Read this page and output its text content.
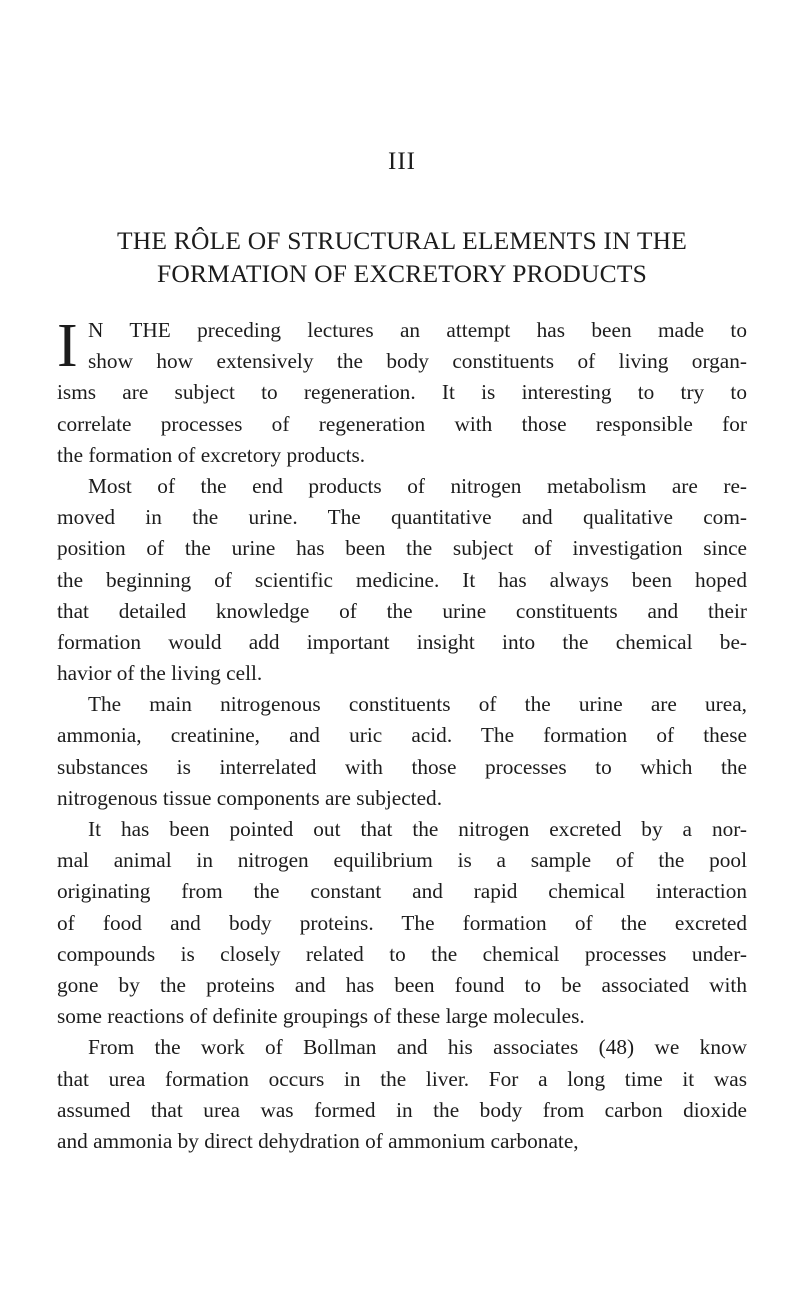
III
THE RÔLE OF STRUCTURAL ELEMENTS IN THE
FORMATION OF EXCRETORY PRODUCTS
I N THE preceding lectures an attempt has been made to
show how extensively the body constituents of living organ-
isms are subject to regeneration. It is interesting to try to
correlate processes of regeneration with those responsible for
the formation of excretory products.
Most of the end products of nitrogen metabolism are re-
moved in the urine. The quantitative and qualitative com-
position of the urine has been the subject of investigation since
the beginning of scientific medicine. It has always been hoped
that detailed knowledge of the urine constituents and their
formation would add important insight into the chemical be-
havior of the living cell.
The main nitrogenous constituents of the urine are urea,
ammonia, creatinine, and uric acid. The formation of these
substances is interrelated with those processes to which the
nitrogenous tissue components are subjected.
It has been pointed out that the nitrogen excreted by a nor-
mal animal in nitrogen equilibrium is a sample of the pool
originating from the constant and rapid chemical interaction
of food and body proteins. The formation of the excreted
compounds is closely related to the chemical processes under-
gone by the proteins and has been found to be associated with
some reactions of definite groupings of these large molecules.
From the work of Bollman and his associates (48) we know
that urea formation occurs in the liver. For a long time it was
assumed that urea was formed in the body from carbon dioxide
and ammonia by direct dehydration of ammonium carbonate,
